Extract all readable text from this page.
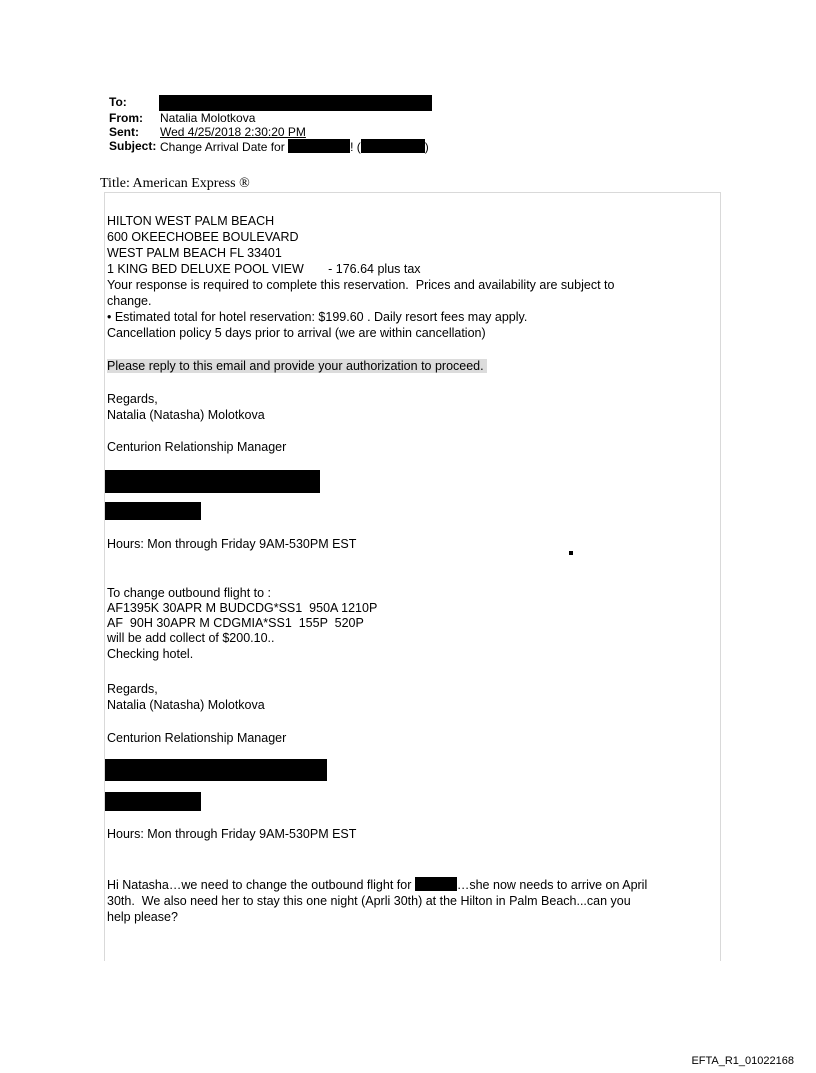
To:
From: Natalia Molotkova
Sent: Wed 4/25/2018 2:30:20 PM
Subject: Change Arrival Date for	! (	)
Title: American Express ®
HILTON WEST PALM BEACH
600 OKEECHOBEE BOULEVARD
WEST PALM BEACH FL 33401
1 KING BED DELUXE POOL VIEW       - 176.64 plus tax
Your response is required to complete this reservation.  Prices and availability are subject to
change.
• Estimated total for hotel reservation: $199.60 . Daily resort fees may apply.
Cancellation policy 5 days prior to arrival (we are within cancellation)
Please reply to this email and provide your authorization to proceed.
Regards,
Natalia (Natasha) Molotkova
Centurion Relationship Manager
Hours: Mon through Friday 9AM-530PM EST
To change outbound flight to :
AF1395K 30APR M BUDCDG*SS1  950A 1210P
AF  90H 30APR M CDGMIA*SS1  155P  520P
will be add collect of $200.10..
Checking hotel.
Regards,
Natalia (Natasha) Molotkova
Centurion Relationship Manager
Hours: Mon through Friday 9AM-530PM EST
Hi Natasha…we need to change the outbound flight for	…she now needs to arrive on April
30th.  We also need her to stay this one night (Aprli 30th) at the Hilton in Palm Beach...can you
help please?
EFTA_R1_01022168
